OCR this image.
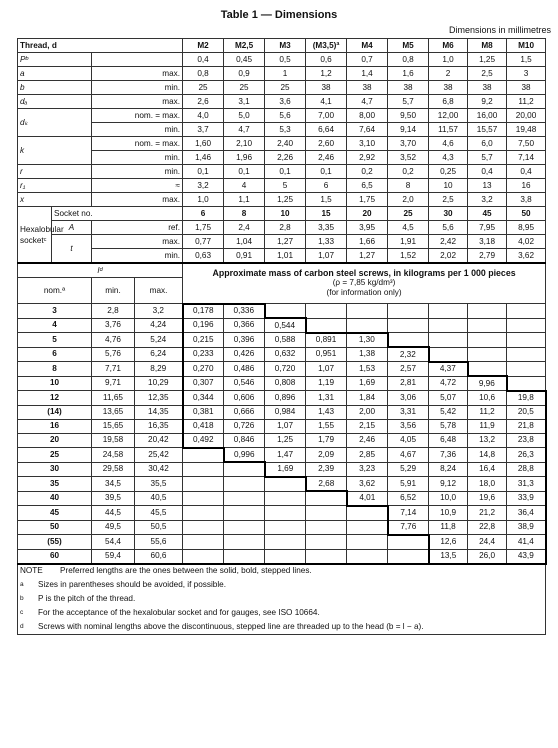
Table 1 — Dimensions
Dimensions in millimetres
Thread, d				M2	M2,5	M3	(M3,5)ª	M4	M5	M6	M8	M10
Pᵇ				0,4	0,45	0,5	0,6	0,7	0,8	1,0	1,25	1,5
a		max.		0,8	0,9	1	1,2	1,4	1,6	2	2,5	3
b		min.		25	25	25	38	38	38	38	38	38
dₐ		max.		2,6	3,1	3,6	4,1	4,7	5,7	6,8	9,2	11,2
dₖ		nom. = max.		4,0	5,0	5,6	7,00	8,00	9,50	12,00	16,00	20,00
		min.		3,7	4,7	5,3	6,64	7,64	9,14	11,57	15,57	19,48
k		nom. = max.		1,60	2,10	2,40	2,60	3,10	3,70	4,6	6,0	7,50
		min.		1,46	1,96	2,26	2,46	2,92	3,52	4,3	5,7	7,14
r		min.		0,1	0,1	0,1	0,1	0,2	0,2	0,25	0,4	0,4
r₁		≈		3,2	4	5	6	6,5	8	10	13	16
x		max.		1,0	1,1	1,25	1,5	1,75	2,0	2,5	3,2	3,8

Hexalobular
socketᶜ	Socket no.			6	8	10	15	20	25	30	45	50
	A	ref.		1,75	2,4	2,8	3,35	3,95	4,5	5,6	7,95	8,95
	t	max.		0,77	1,04	1,27	1,33	1,66	1,91	2,42	3,18	4,02
		min.		0,63	0,91	1,01	1,07	1,27	1,52	2,02	2,79	3,62
lᵈ				Approximate mass of carbon steel screws, in kilograms per 1 000 pieces
(ρ = 7,85 kg/dm³)
(for information only)								

nom.ª		min.	max.									
3		2,8	3,2	0,178	0,336							
4		3,76	4,24	0,196	0,366	0,544						
5		4,76	5,24	0,215	0,396	0,588	0,891	1,30				
6		5,76	6,24	0,233	0,426	0,632	0,951	1,38	2,32			
8		7,71	8,29	0,270	0,486	0,720	1,07	1,53	2,57	4,37		
10		9,71	10,29	0,307	0,546	0,808	1,19	1,69	2,81	4,72	9,96	
12		11,65	12,35	0,344	0,606	0,896	1,31	1,84	3,06	5,07	10,6	19,8
(14)		13,65	14,35	0,381	0,666	0,984	1,43	2,00	3,31	5,42	11,2	20,5
16		15,65	16,35	0,418	0,726	1,07	1,55	2,15	3,56	5,78	11,9	21,8
20		19,58	20,42	0,492	0,846	1,25	1,79	2,46	4,05	6,48	13,2	23,8
25		24,58	25,42		0,996	1,47	2,09	2,85	4,67	7,36	14,8	26,3
30		29,58	30,42			1,69	2,39	3,23	5,29	8,24	16,4	28,8
35		34,5	35,5				2,68	3,62	5,91	9,12	18,0	31,3
40		39,5	40,5					4,01	6,52	10,0	19,6	33,9
45		44,5	45,5						7,14	10,9	21,2	36,4
50		49,5	50,5						7,76	11,8	22,8	38,9
(55)		54,4	55,6							12,6	24,4	41,4
60		59,4	60,6							13,5	26,0	43,9
NOTE Preferred lengths are the ones between the solid, bold, stepped lines.												
a Sizes in parentheses should be avoided, if possible.												
b P is the pitch of the thread.												
c For the acceptance of the hexalobular socket and for gauges, see ISO 10664.												
d Screws with nominal lengths above the discontinuous, stepped line are threaded up to the head (b = l − a).												
